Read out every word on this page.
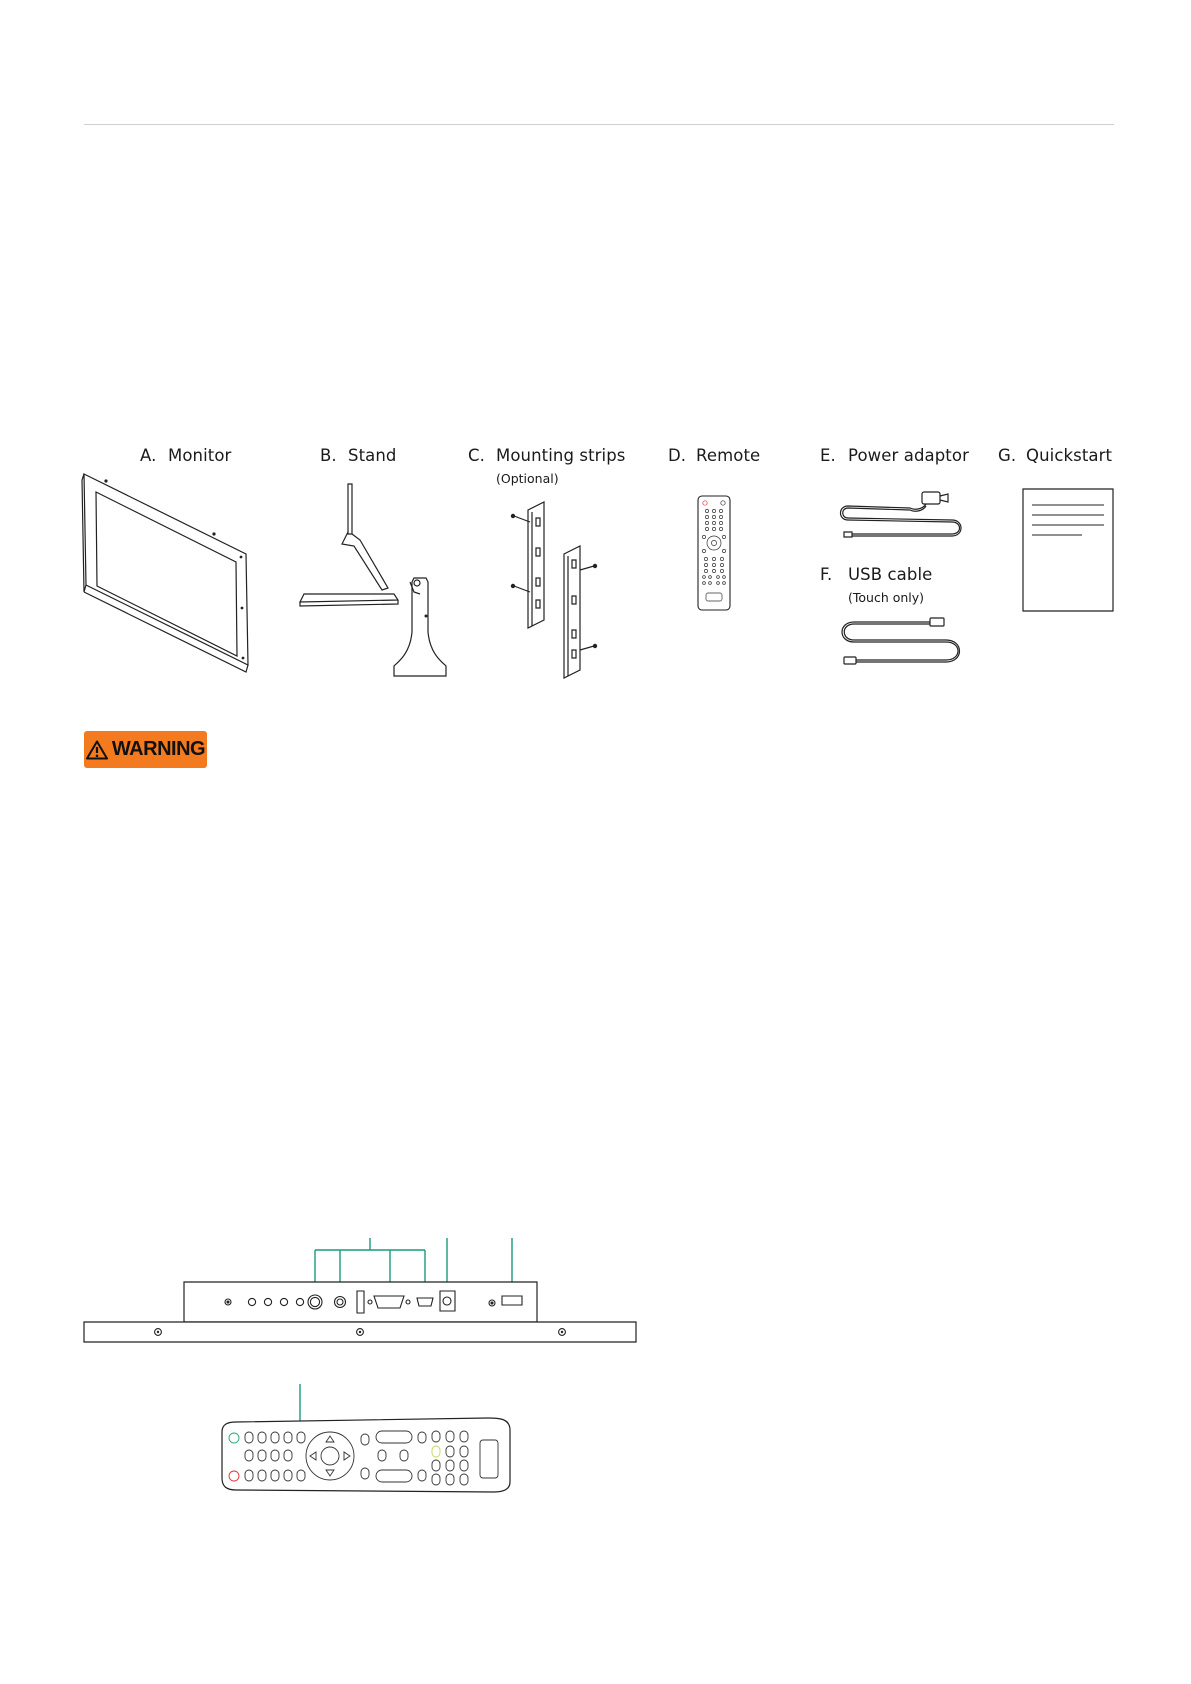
A. Monitor	B. Stand	C. Mounting strips
(Optional)
D. Remote	E. Power adaptor
F. USB cable
(Touch only)
G. Quickstart
WARNING
